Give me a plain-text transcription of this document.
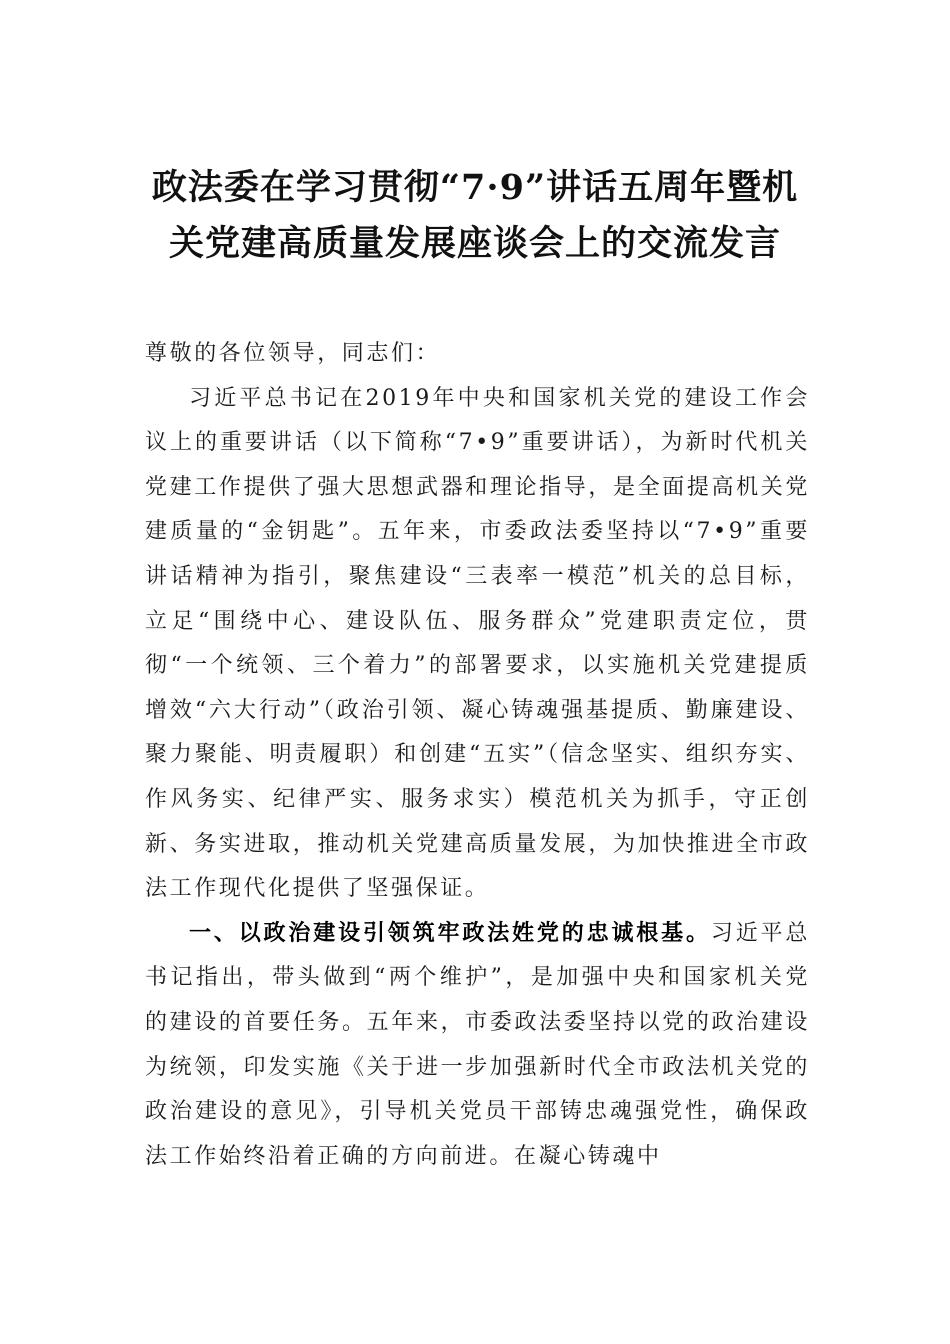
政法委在学习贯彻“7·9”讲话五周年暨机
关党建高质量发展座谈会上的交流发言

尊敬的各位领导，同志们：

习近平总书记在2019年中央和国家机关党的建设工作会议上的重要讲话（以下简称“7•9”重要讲话），为新时代机关党建工作提供了强大思想武器和理论指导，是全面提高机关党建质量的“金钥匙”。五年来，市委政法委坚持以“7•9”重要讲话精神为指引，聚焦建设“三表率一模范”机关的总目标，立足“围绕中心、建设队伍、服务群众”党建职责定位，贯彻“一个统领、三个着力”的部署要求，以实施机关党建提质增效“六大行动”（政治引领、凝心铸魂强基提质、勤廉建设、聚力聚能、明责履职）和创建“五实”（信念坚实、组织夯实、作风务实、纪律严实、服务求实）模范机关为抓手，守正创新、务实进取，推动机关党建高质量发展，为加快推进全市政法工作现代化提供了坚强保证。

一、以政治建设引领筑牢政法姓党的忠诚根基。习近平总书记指出，带头做到“两个维护”，是加强中央和国家机关党的建设的首要任务。五年来，市委政法委坚持以党的政治建设为统领，印发实施《关于进一步加强新时代全市政法机关党的政治建设的意见》，引导机关党员干部铸忠魂强党性，确保政法工作始终沿着正确的方向前进。在凝心铸魂中
